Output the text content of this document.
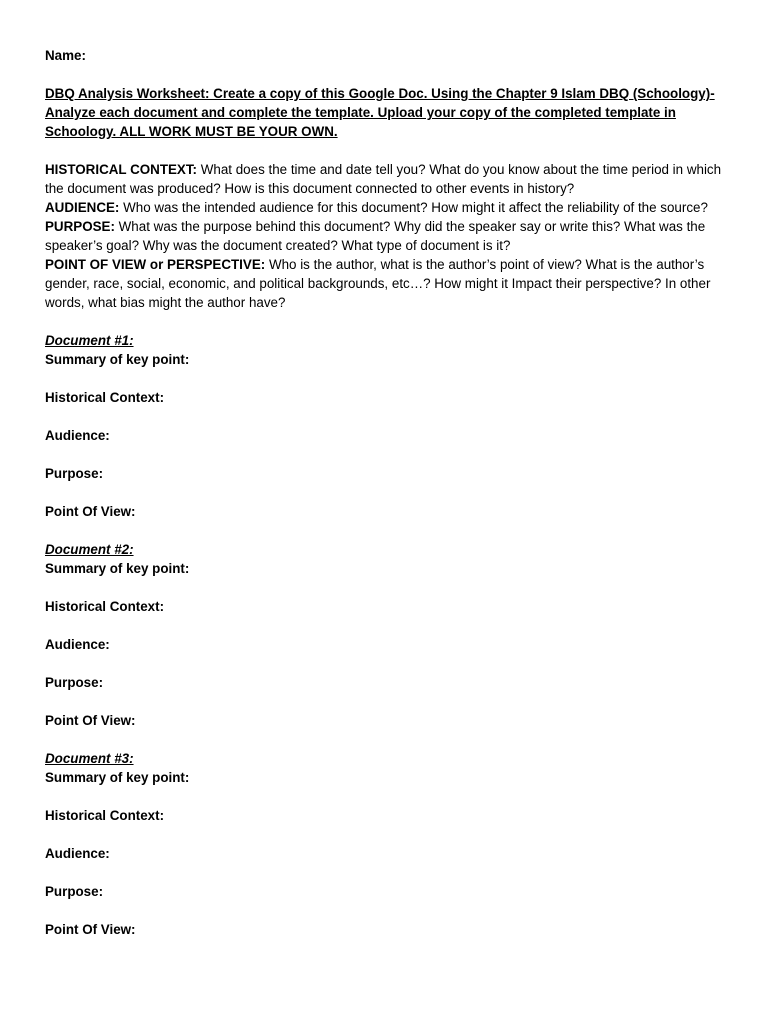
Name:

DBQ Analysis Worksheet: Create a copy of this Google Doc. Using the Chapter 9 Islam DBQ (Schoology)- Analyze each document and complete the template. Upload your copy of the completed template in Schoology. ALL WORK MUST BE YOUR OWN.

HISTORICAL CONTEXT: What does the time and date tell you? What do you know about the time period in which the document was produced? How is this document connected to other events in history?

AUDIENCE: Who was the intended audience for this document? How might it affect the reliability of the source?

PURPOSE: What was the purpose behind this document? Why did the speaker say or write this? What was the speaker’s goal? Why was the document created? What type of document is it?

POINT OF VIEW or PERSPECTIVE: Who is the author, what is the author’s point of view? What is the author’s gender, race, social, economic, and political backgrounds, etc…? How might it Impact their perspective? In other words, what bias might the author have?

Document #1:

Summary of key point:

Historical Context:

Audience:

Purpose:

Point Of View:

Document #2:

Summary of key point:

Historical Context:

Audience:

Purpose:

Point Of View:

Document #3:

Summary of key point:

Historical Context:

Audience:

Purpose:

Point Of View:
